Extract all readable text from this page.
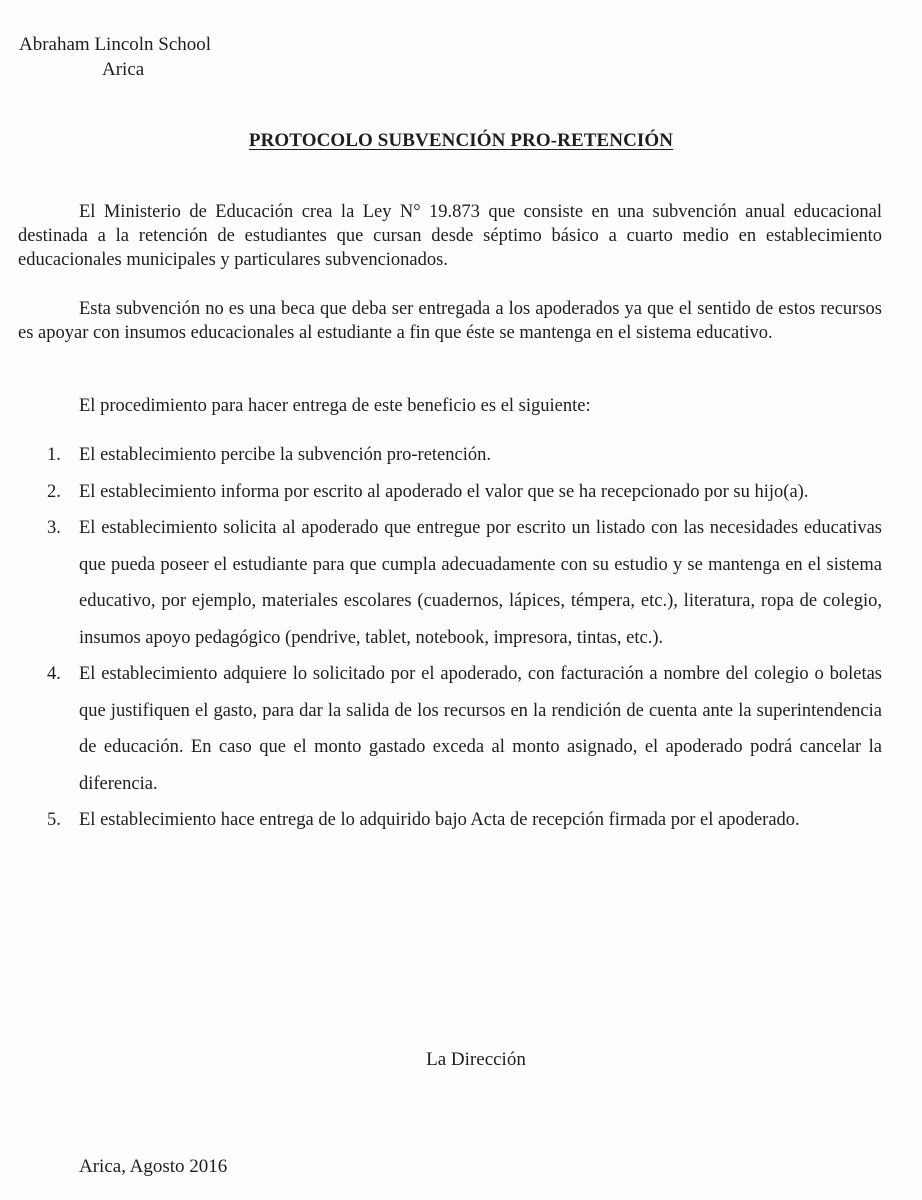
Abraham Lincoln School
Arica
PROTOCOLO SUBVENCIÓN PRO-RETENCIÓN

El Ministerio de Educación crea la Ley N° 19.873 que consiste en una subvención anual educacional destinada a la retención de estudiantes que cursan desde séptimo básico a cuarto medio en establecimiento educacionales municipales y particulares subvencionados.

Esta subvención no es una beca que deba ser entregada a los apoderados ya que el sentido de estos recursos es apoyar con insumos educacionales al estudiante a fin que éste se mantenga en el sistema educativo.

El procedimiento para hacer entrega de este beneficio es el siguiente:

1. El establecimiento percibe la subvención pro-retención.
2. El establecimiento informa por escrito al apoderado el valor que se ha recepcionado por su hijo(a).
3. El establecimiento solicita al apoderado que entregue por escrito un listado con las necesidades educativas que pueda poseer el estudiante para que cumpla adecuadamente con su estudio y se mantenga en el sistema educativo, por ejemplo, materiales escolares (cuadernos, lápices, témpera, etc.), literatura, ropa de colegio, insumos apoyo pedagógico (pendrive, tablet, notebook, impresora, tintas, etc.).
4. El establecimiento adquiere lo solicitado por el apoderado, con facturación a nombre del colegio o boletas que justifiquen el gasto, para dar la salida de los recursos en la rendición de cuenta ante la superintendencia de educación. En caso que el monto gastado exceda al monto asignado, el apoderado podrá cancelar la diferencia.
5. El establecimiento hace entrega de lo adquirido bajo Acta de recepción firmada por el apoderado.
La Dirección
Arica, Agosto 2016
